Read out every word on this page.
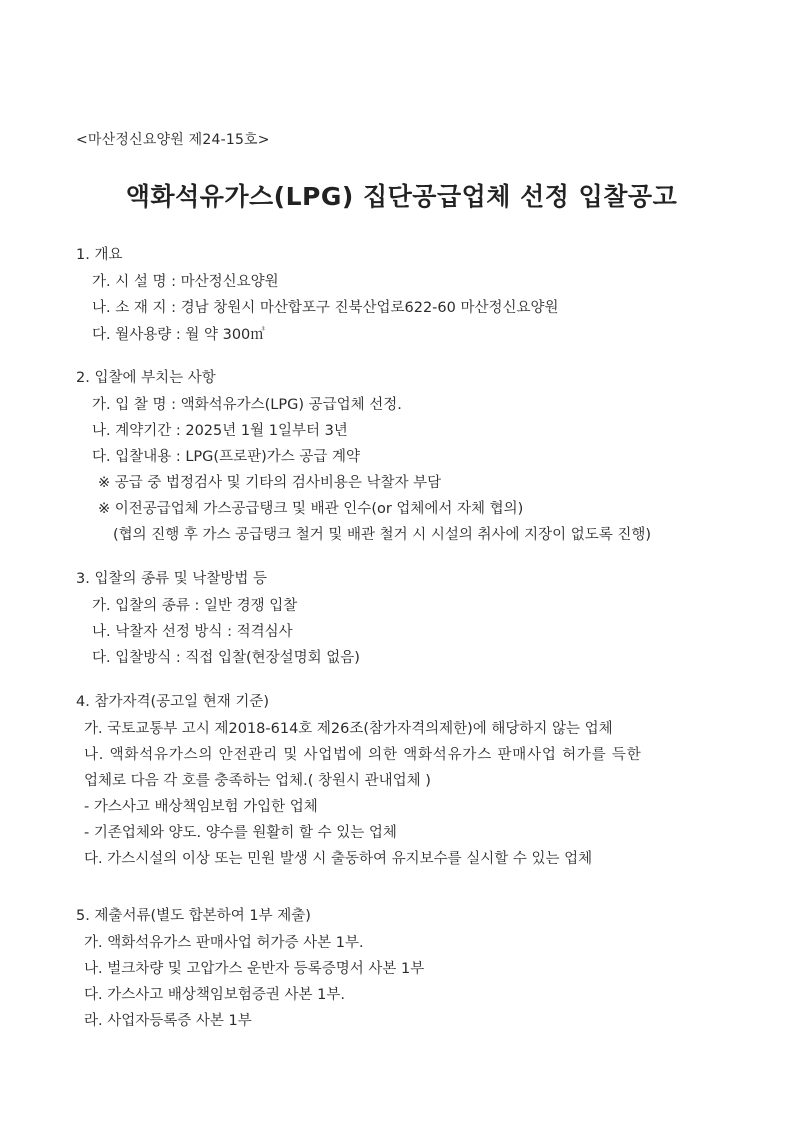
<마산정신요양원 제24-15호>
액화석유가스(LPG) 집단공급업체 선정 입찰공고
1. 개요
가. 시 설 명 : 마산정신요양원
나. 소 재 지 : 경남 창원시 마산합포구 진북산업로622-60 마산정신요양원
다. 월사용량 : 월 약 300㎥
2. 입찰에 부치는 사항
가. 입 찰 명 : 액화석유가스(LPG) 공급업체 선정.
나. 계약기간 : 2025년 1월 1일부터 3년
다. 입찰내용 : LPG(프로판)가스 공급 계약
※ 공급 중 법정검사 및 기타의 검사비용은 낙찰자 부담
※ 이전공급업체 가스공급탱크 및 배관 인수(or 업체에서 자체 협의)
(협의 진행 후 가스 공급탱크 철거 및 배관 철거 시 시설의 취사에 지장이 없도록 진행)
3. 입찰의 종류 및 낙찰방법 등
가. 입찰의 종류 : 일반 경쟁 입찰
나. 낙찰자 선정 방식 : 적격심사
다. 입찰방식 : 직접 입찰(현장설명회 없음)
4. 참가자격(공고일 현재 기준)
가. 국토교통부 고시 제2018-614호 제26조(참가자격의제한)에 해당하지 않는 업체
나. 액화석유가스의 안전관리 및 사업법에 의한 액화석유가스 판매사업 허가를 득한
업체로 다음 각 호를 충족하는 업체.( 창원시 관내업체 )
- 가스사고 배상책임보험 가입한 업체
- 기존업체와 양도. 양수를 원활히 할 수 있는 업체
다. 가스시설의 이상 또는 민원 발생 시 출동하여 유지보수를 실시할 수 있는 업체
5. 제출서류(별도 합본하여 1부 제출)
가. 액화석유가스 판매사업 허가증 사본 1부.
나. 벌크차량 및 고압가스 운반자 등록증명서 사본 1부
다. 가스사고 배상책임보험증권 사본 1부.
라. 사업자등록증 사본 1부
